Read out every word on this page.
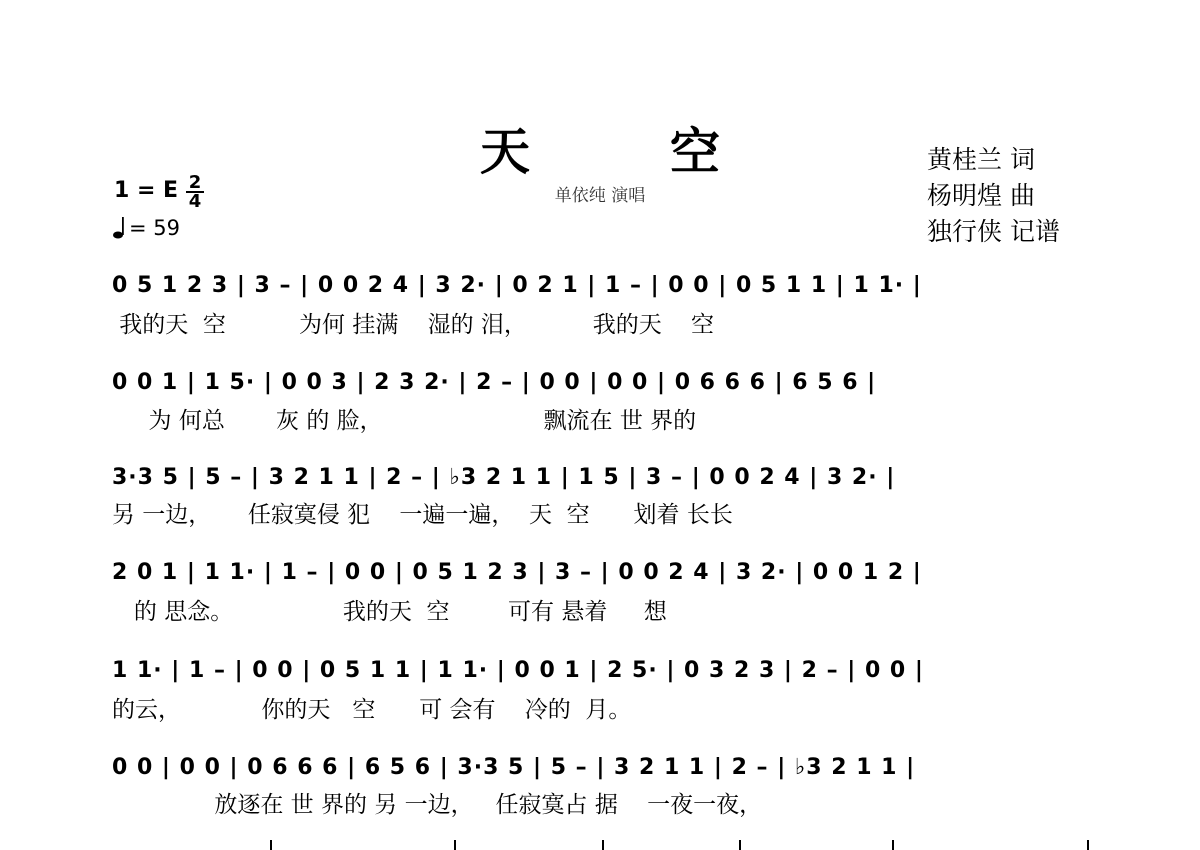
天	空
单依纯 演唱
黄桂兰 词
杨明煌 曲
独行侠 记谱
1 = E 2
4
= 59
0 5 1 2 3 | 3 – | 0 0 2 4 | 3 2· | 0 2 1 | 1 – | 0 0 | 0 5 1 1 | 1 1· |
我的天  空          为何 挂满    湿的 泪，         我的天    空
0 0 1 | 1 5· | 0 0 3 | 2 3 2· | 2 – | 0 0 | 0 0 | 0 6 6 6 | 6 5 6 |
为 何总       灰 的 脸，                      飘流在 世 界的
3·3 5 | 5 – | 3 2 1 1 | 2 – | ♭3 2 1 1 | 1 5 | 3 – | 0 0 2 4 | 3 2· |
另 一边，     任寂寞侵 犯    一遍一遍，  天  空      划着 长长
2 0 1 | 1 1· | 1 – | 0 0 | 0 5 1 2 3 | 3 – | 0 0 2 4 | 3 2· | 0 0 1 2 |
的 思念。               我的天  空        可有 悬着     想
1 1· | 1 – | 0 0 | 0 5 1 1 | 1 1· | 0 0 1 | 2 5· | 0 3 2 3 | 2 – | 0 0 |
的云，           你的天   空      可 会有    冷的  月。
0 0 | 0 0 | 0 6 6 6 | 6 5 6 | 3·3 5 | 5 – | 3 2 1 1 | 2 – | ♭3 2 1 1 |
放逐在 世 界的 另 一边，   任寂寞占 据    一夜一夜，
